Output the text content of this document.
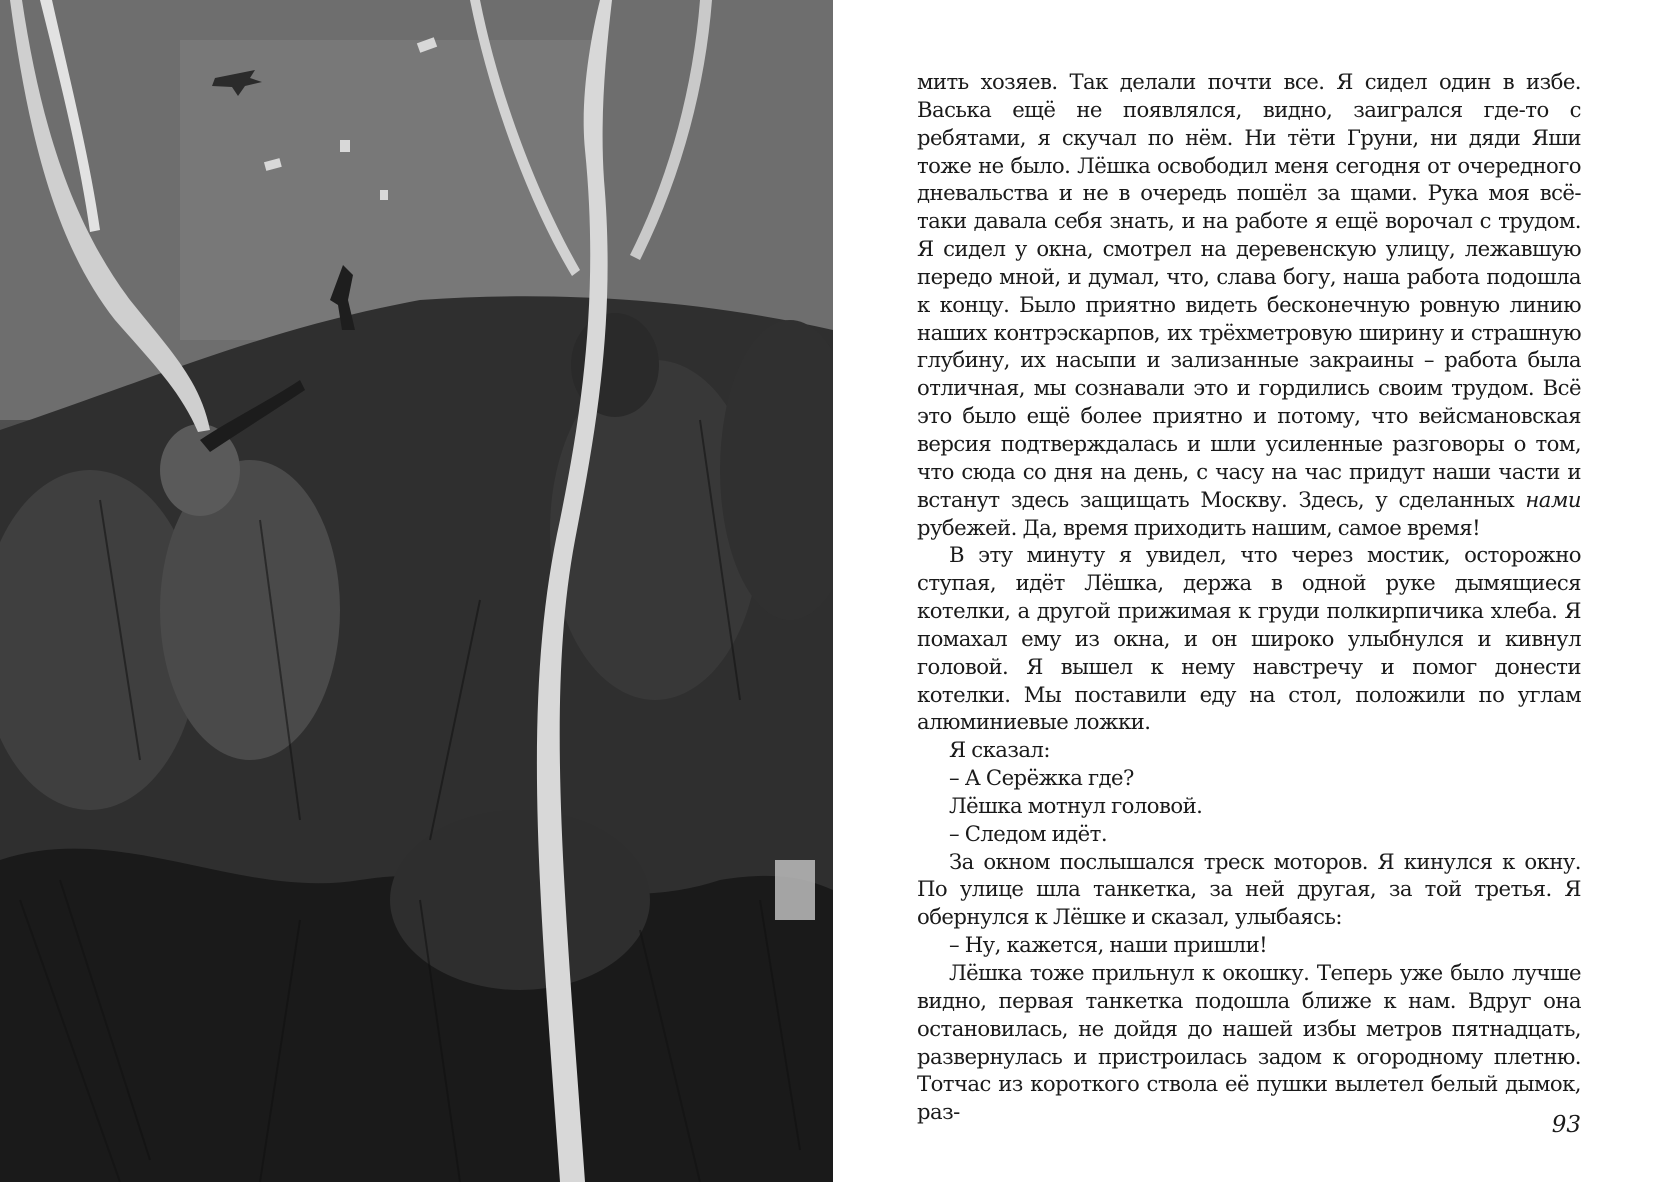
мить хозяев. Так делали почти все. Я сидел один в избе. Васька ещё не появлялся, видно, заигрался где-то с ребятами, я скучал по нём. Ни тёти Груни, ни дяди Яши тоже не было. Лёшка освободил меня сегодня от очередного дневальства и не в очередь пошёл за щами. Рука моя всё-таки давала себя знать, и на работе я ещё ворочал с трудом. Я сидел у окна, смотрел на деревенскую улицу, лежавшую передо мной, и думал, что, слава богу, наша работа подошла к концу. Было приятно видеть бесконечную ровную линию наших контрэскарпов, их трёхметровую ширину и страшную глубину, их насыпи и зализанные закраины – работа была отличная, мы сознавали это и гордились своим трудом. Всё это было ещё более приятно и потому, что вейсмановская версия подтверждалась и шли усиленные разговоры о том, что сюда со дня на день, с часу на час придут наши части и встанут здесь защищать Москву. Здесь, у сделанных нами рубежей. Да, время приходить нашим, самое время!

В эту минуту я увидел, что через мостик, осторожно ступая, идёт Лёшка, держа в одной руке дымящиеся котелки, а другой прижимая к груди полкирпичика хлеба. Я помахал ему из окна, и он широко улыбнулся и кивнул головой. Я вышел к нему навстречу и помог донести котелки. Мы поставили еду на стол, положили по углам алюминиевые ложки.

Я сказал:

– А Серёжка где?

Лёшка мотнул головой.

– Следом идёт.

За окном послышался треск моторов. Я кинулся к окну. По улице шла танкетка, за ней другая, за той третья. Я обернулся к Лёшке и сказал, улыбаясь:

– Ну, кажется, наши пришли!

Лёшка тоже прильнул к окошку. Теперь уже было лучше видно, первая танкетка подошла ближе к нам. Вдруг она остановилась, не дойдя до нашей избы метров пятнадцать, развернулась и пристроилась задом к огородному плетню. Тотчас из короткого ствола её пушки вылетел белый дымок, раз-

93
